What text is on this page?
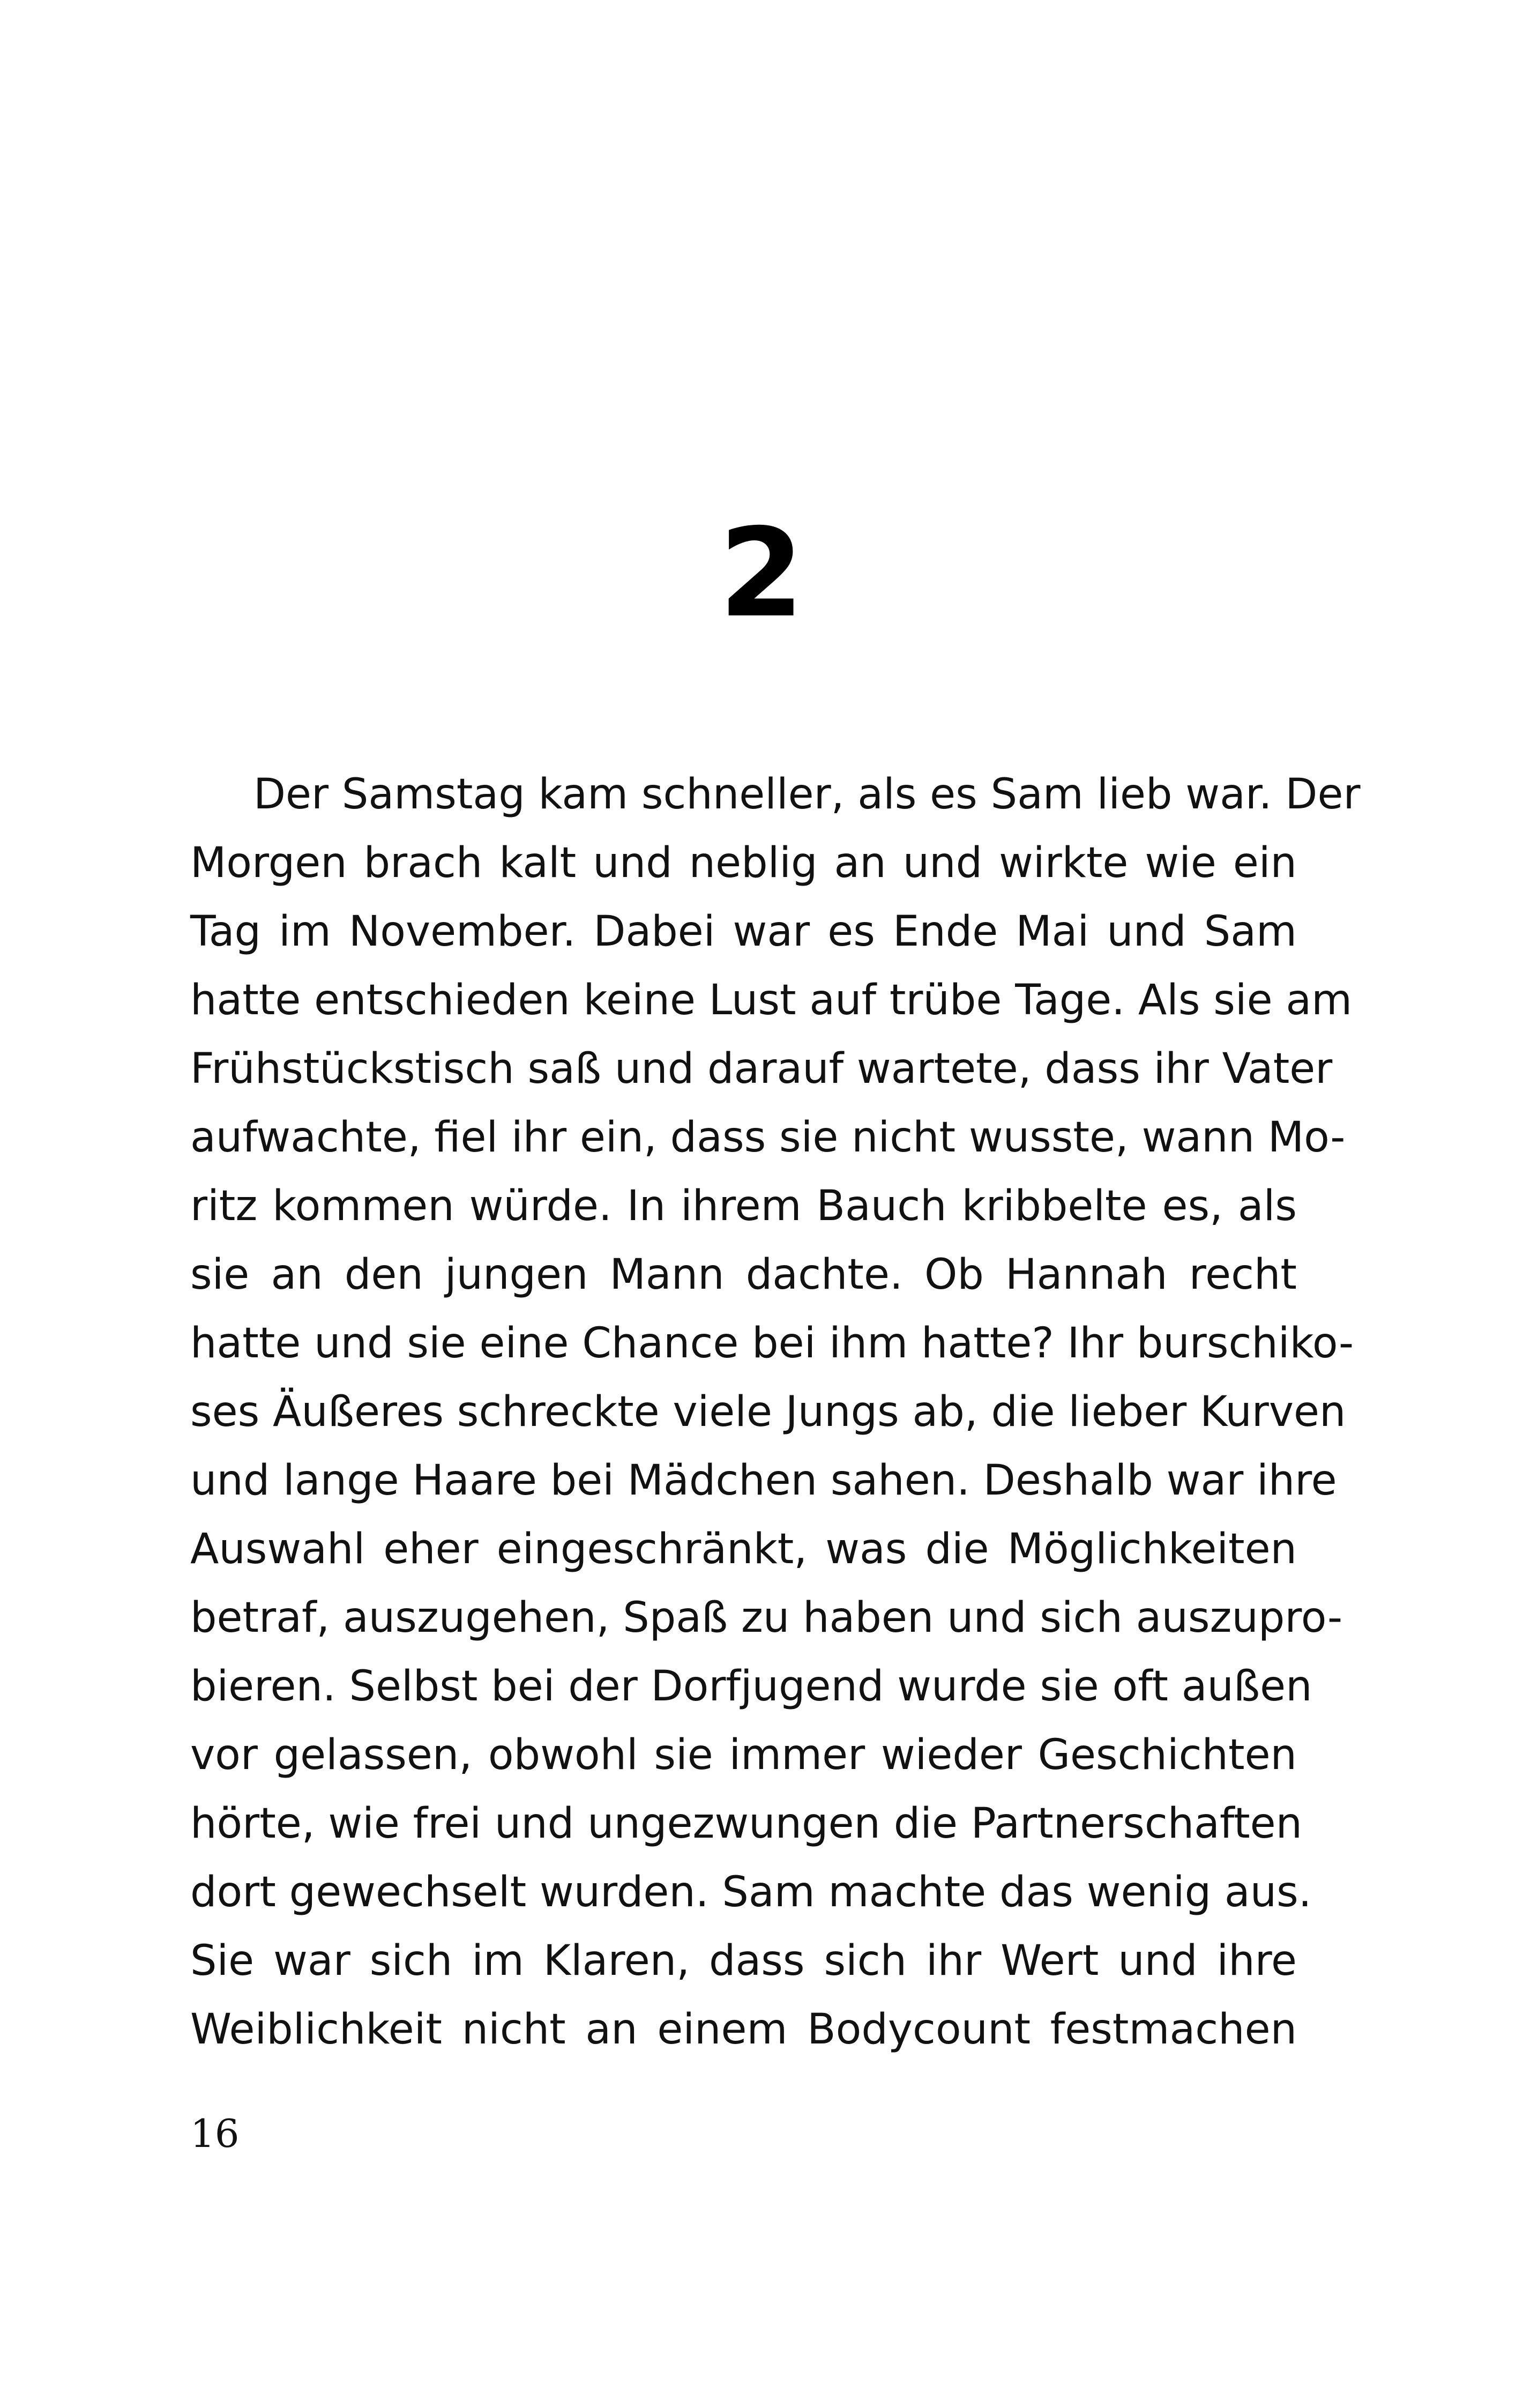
2
Der Samstag kam schneller, als es Sam lieb war. Der
Morgen brach kalt und neblig an und wirkte wie ein
Tag im November. Dabei war es Ende Mai und Sam
hatte entschieden keine Lust auf trübe Tage. Als sie am
Frühstückstisch saß und darauf wartete, dass ihr Vater
aufwachte, fiel ihr ein, dass sie nicht wusste, wann Mo-
ritz kommen würde. In ihrem Bauch kribbelte es, als
sie an den jungen Mann dachte. Ob Hannah recht
hatte und sie eine Chance bei ihm hatte? Ihr burschiko-
ses Äußeres schreckte viele Jungs ab, die lieber Kurven
und lange Haare bei Mädchen sahen. Deshalb war ihre
Auswahl eher eingeschränkt, was die Möglichkeiten
betraf, auszugehen, Spaß zu haben und sich auszupro-
bieren. Selbst bei der Dorfjugend wurde sie oft außen
vor gelassen, obwohl sie immer wieder Geschichten
hörte, wie frei und ungezwungen die Partnerschaften
dort gewechselt wurden. Sam machte das wenig aus.
Sie war sich im Klaren, dass sich ihr Wert und ihre
Weiblichkeit nicht an einem Bodycount festmachen
16
